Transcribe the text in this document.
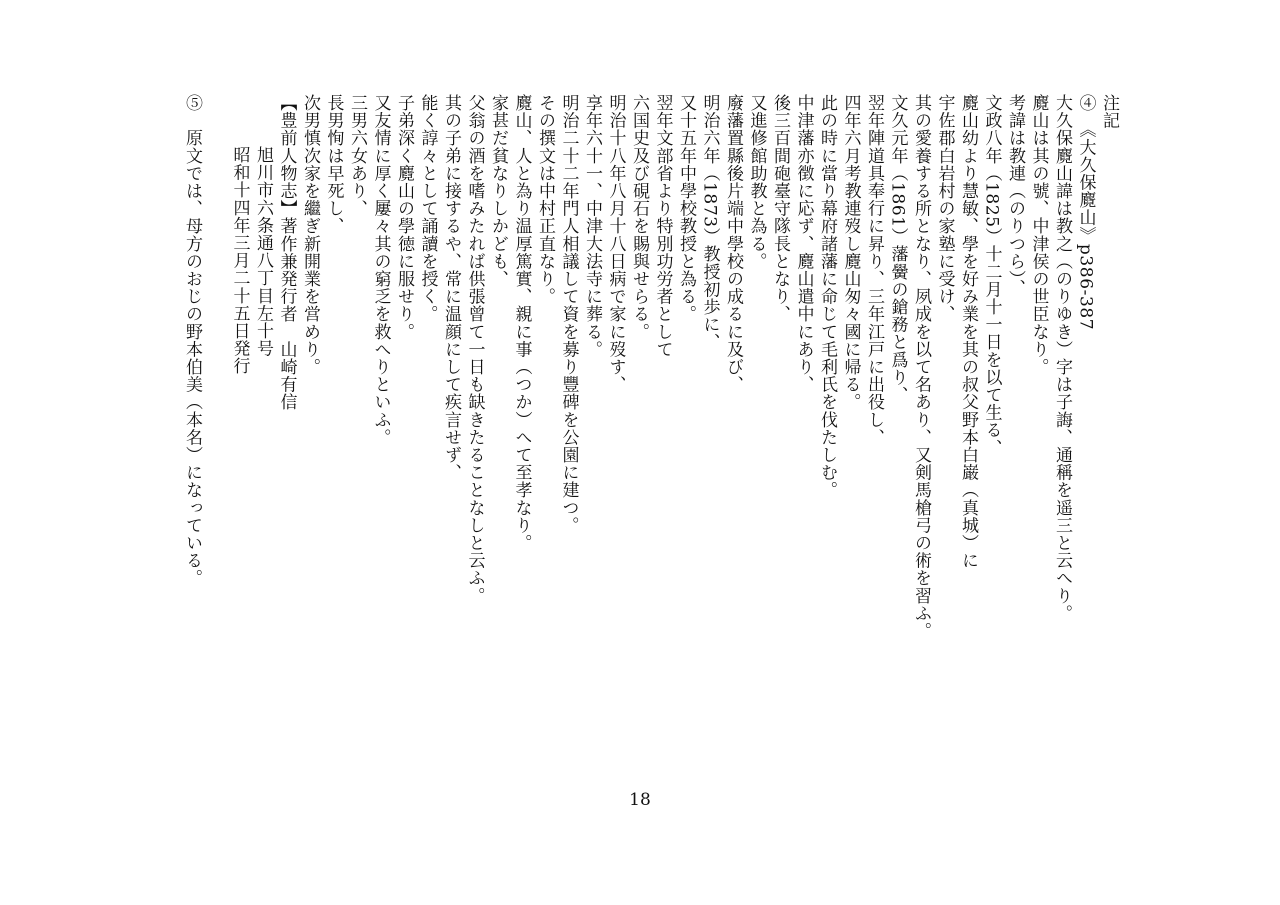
注記
④　《大久保麑山》p386-387
大久保麑山諱は教之（のりゆき）字は子誨、通稱を遥三と云へり。
麑山は其の號、中津侯の世臣なり。
考諱は教連（のりつら）、
文政八年（1825）十二月十一日を以て生る、
麑山幼より慧敏、學を好み業を其の叔父野本白巌（真城）に
宇佐郡白岩村の家塾に受け、
其の愛養する所となり、夙成を以て名あり、又剣馬槍弓の術を習ふ。
文久元年（1861）藩黌の鎗務と爲り、
翌年陣道具奉行に昇り、三年江戸に出役し、
四年六月考教連歿し麑山匆々國に帰る。
此の時に當り幕府諸藩に命じて毛利氏を伐たしむ。
中津藩亦徴に応ず、麑山遣中にあり、
後三百間砲臺守隊長となり、
又進修館助教と為る。
廢藩置縣後片端中學校の成るに及び、
明治六年（1873）教授初歩に、
又十五年中學校教授と為る。
翌年文部省より特別功労者として
六国史及び硯石を賜與せらる。
明治十八年八月十八日病で家に歿す、
享年六十一、中津大法寺に葬る。
明治二十二年門人相議して資を募り豐碑を公園に建つ。
その撰文は中村正直なり。
麑山、人と為り温厚篤實、親に事（つか）へて至孝なり。
家甚だ貧なりしかども、
父翁の酒を嗜みたれば供張曾て一日も缺きたることなしと云ふ。
其の子弟に接するや、常に温顔にして疾言せず、
能く諄々として誦讀を授く。
子弟深く麑山の學徳に服せり。
又友情に厚く屢々其の窮乏を救へりといふ。
三男六女あり、
長男恂は早死し、
次男慎次家を繼ぎ新開業を営めり。
【豊前人物志】著作兼発行者　山崎有信
旭川市六条通八丁目左十号
昭和十四年三月二十五日発行
⑤　原文では、母方のおじの野本伯美（本名）になっている。
18
